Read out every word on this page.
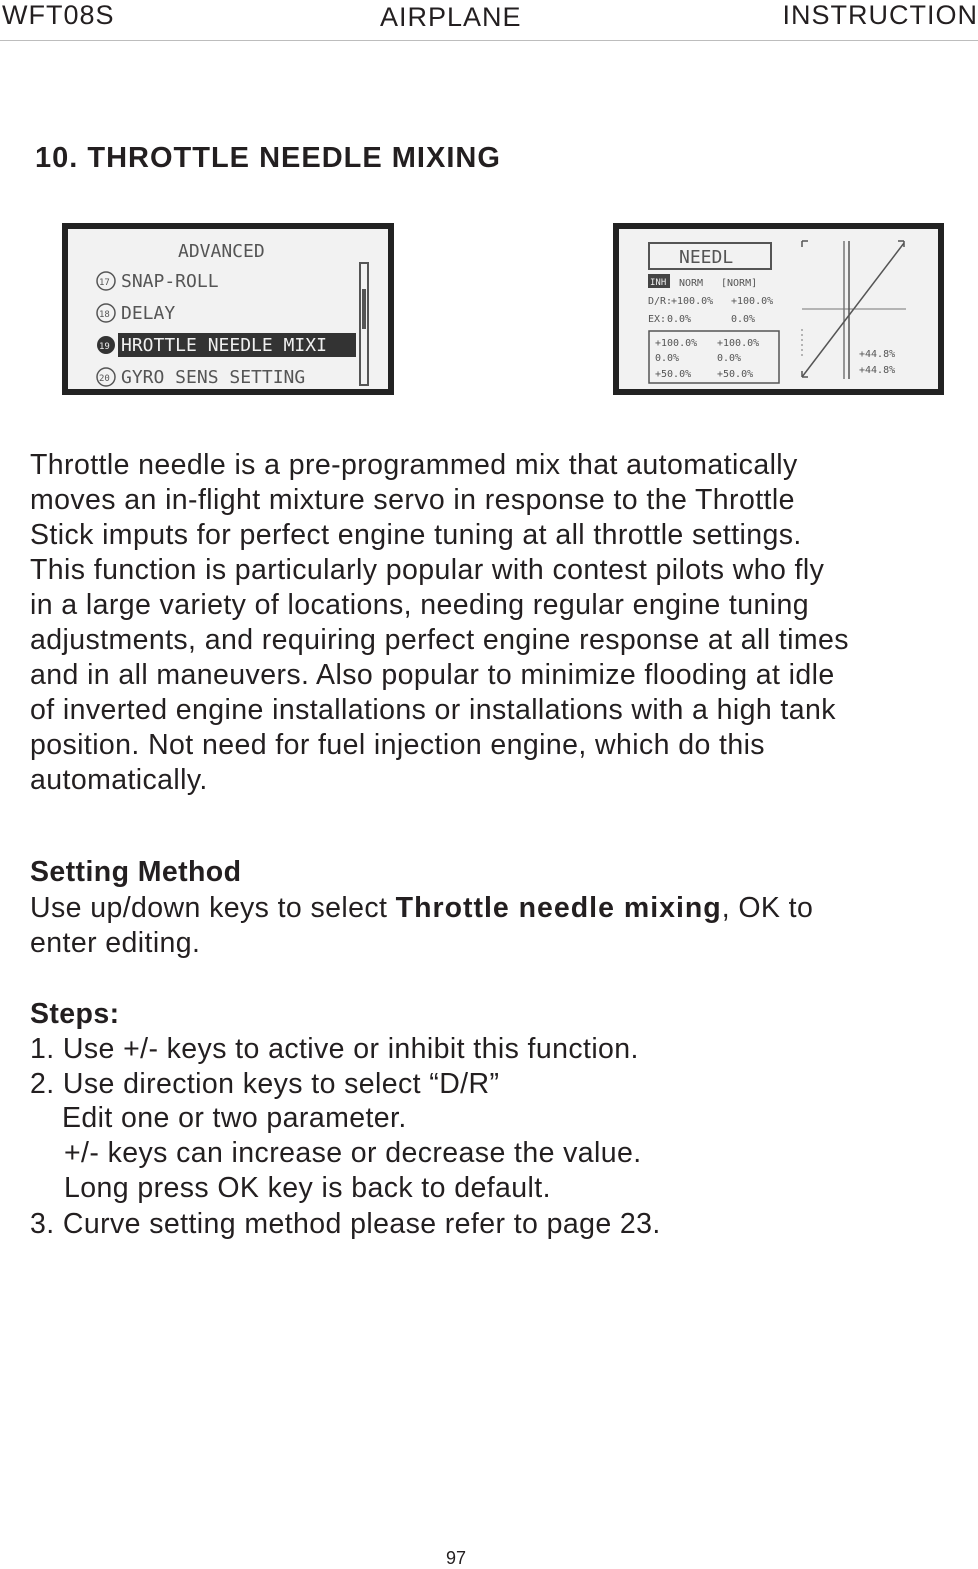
WFT08S	AIRPLANE	INSTRUCTION
10. THROTTLE NEEDLE MIXING
ADVANCED
17 SNAP-ROLL
18 DELAY
19 HROTTLE NEEDLE MIXI
20 GYRO SENS SETTING
NEEDL
INH NORM [NORM]
D/R:
+100.0% +100.0%
EX: 0.0%	0.0%
+100.0% +100.0%
0.0%	0.0%
+50.0%	+50.0%
+44.8%
+44.8%

Throttle needle is a pre-programmed mix that automatically

moves an in-flight mixture servo in response to the Throttle

Stick imputs for perfect engine tuning at all throttle settings.

This function is particularly popular with contest pilots who fly

in a large variety of locations, needing regular engine tuning

adjustments, and requiring perfect engine response at all times

and in all maneuvers. Also popular to minimize flooding at idle

of inverted engine installations or installations with a high tank

position. Not need for fuel injection engine, which do this

automatically.

Setting Method
Use up/down keys to select Throttle needle mixing, OK to
enter editing.
Steps:
1. Use +/- keys to active or inhibit this function.
2. Use direction keys to select “D/R”
Edit one or two parameter.
+/- keys can increase or decrease the value.
Long press OK key is back to default.
3. Curve setting method please refer to page 23.
97
